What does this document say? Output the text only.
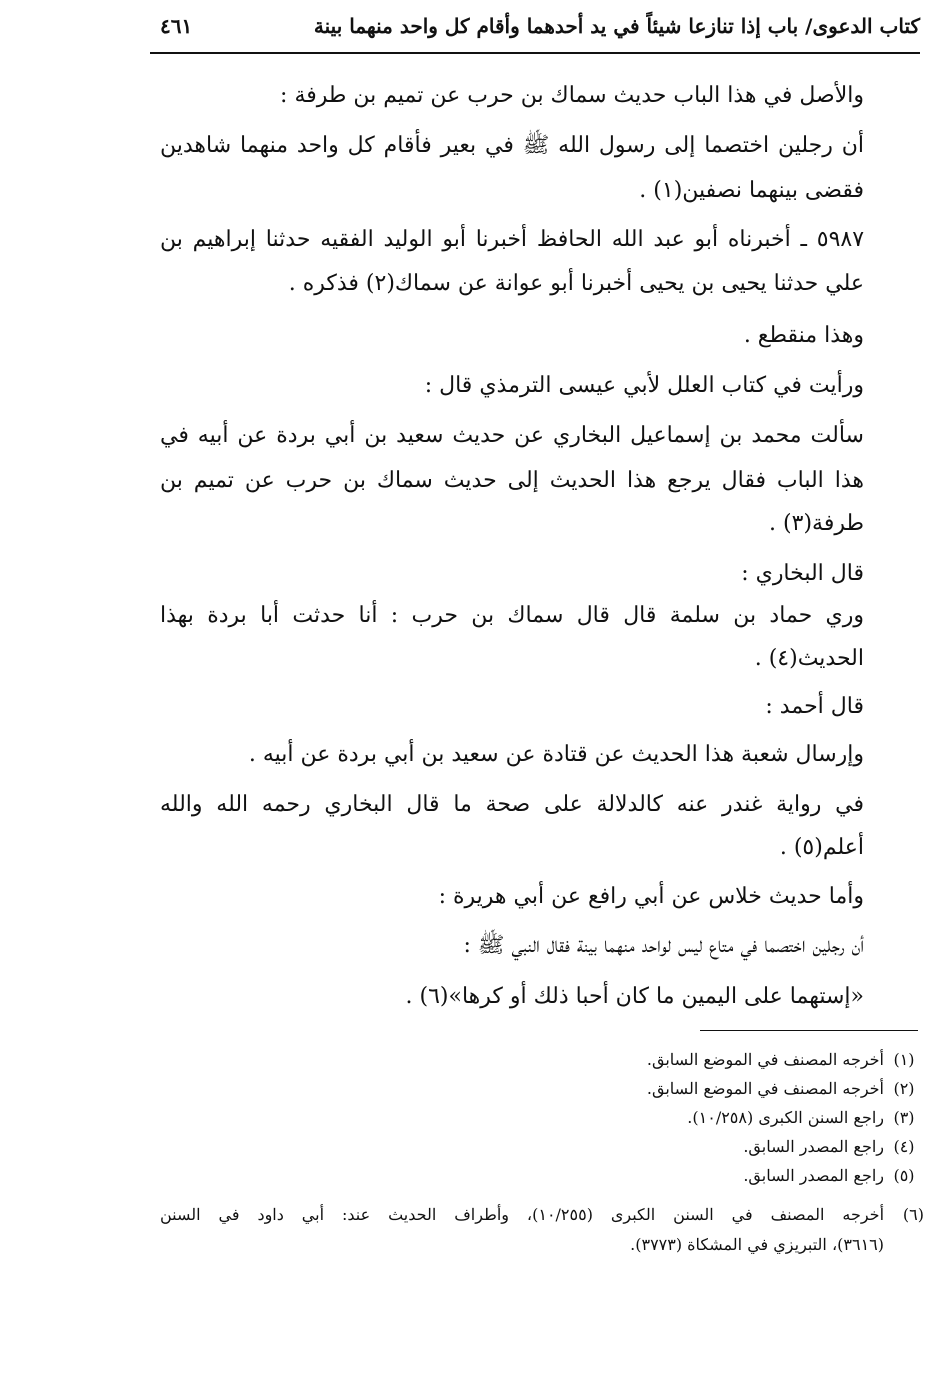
كتاب الدعوى/ باب إذا تنازعا شيئاً في يد أحدهما وأقام كل واحد منهما بينة
٤٦١
والأصل في هذا الباب حديث سماك بن حرب عن تميم بن طرفة :
أن رجلين اختصما إلى رسول الله ﷺ في بعير فأقام كل واحد منهما شاهدين
فقضى بينهما نصفين(١) .
٥٩٨٧ ـ أخبرناه أبو عبد الله الحافظ أخبرنا أبو الوليد الفقيه حدثنا إبراهيم بن
علي حدثنا يحيى بن يحيى أخبرنا أبو عوانة عن سماك(٢) فذكره .
وهذا منقطع .
ورأيت في كتاب العلل لأبي عيسى الترمذي قال :
سألت محمد بن إسماعيل البخاري عن حديث سعيد بن أبي بردة عن أبيه في
هذا الباب فقال يرجع هذا الحديث إلى حديث سماك بن حرب عن تميم بن
طرفة(٣) .
قال البخاري :
وري حماد بن سلمة قال قال سماك بن حرب : أنا حدثت أبا بردة بهذا
الحديث(٤) .
قال أحمد :
وإرسال شعبة هذا الحديث عن قتادة عن سعيد بن أبي بردة عن أبيه .
في رواية غندر عنه كالدلالة على صحة ما قال البخاري رحمه الله والله
أعلم(٥) .
وأما حديث خلاس عن أبي رافع عن أبي هريرة :
أن رجلين اختصما في متاع ليس لواحد منهما بينة فقال النبي ﷺ :
«إستهما على اليمين ما كان أحبا ذلك أو كرها»(٦) .
(١)أخرجه المصنف في الموضع السابق.
(٢)أخرجه المصنف في الموضع السابق.
(٣)راجع السنن الكبرى (١٠/٢٥٨).
(٤)راجع المصدر السابق.
(٥)راجع المصدر السابق.
(٦)أخرجه المصنف في السنن الكبرى (١٠/٢٥٥)، وأطراف الحديث عند: أبي داود في السنن
(٣٦١٦)، التبريزي في المشكاة (٣٧٧٣).
